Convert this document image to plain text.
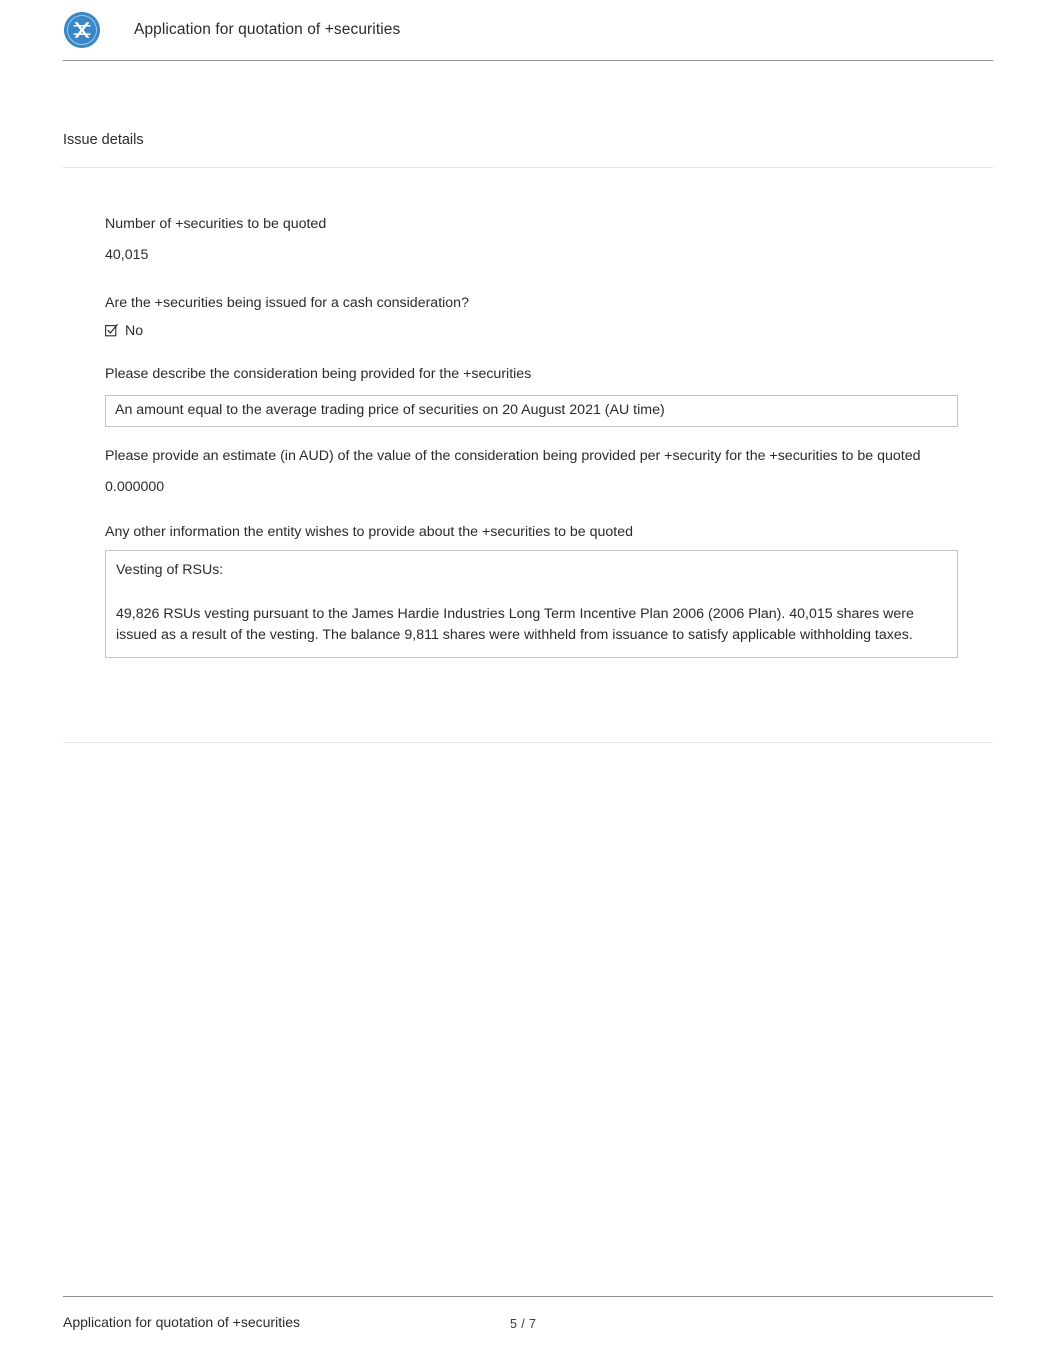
Application for quotation of +securities
Issue details
Number of +securities to be quoted
40,015
Are the +securities being issued for a cash consideration?
No
Please describe the consideration being provided for the +securities
An amount equal to the average trading price of securities on 20 August 2021 (AU time)
Please provide an estimate (in AUD) of the value of the consideration being provided per +security for the +securities to be quoted
0.000000
Any other information the entity wishes to provide about the +securities to be quoted

Vesting of RSUs:

49,826 RSUs vesting pursuant to the James Hardie Industries Long Term Incentive Plan 2006 (2006 Plan). 40,015 shares were issued as a result of the vesting. The balance 9,811 shares were withheld from issuance to satisfy applicable withholding taxes.

Application for quotation of +securities	5 / 7
